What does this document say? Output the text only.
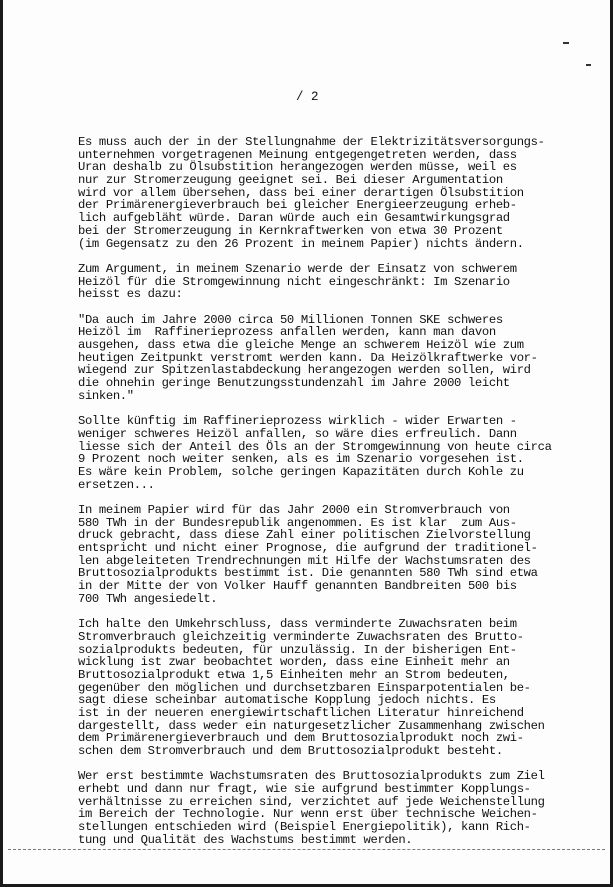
/ 2
Es muss auch der in der Stellungnahme der Elektrizitätsversorgungs-
unternehmen vorgetragenen Meinung entgegengetreten werden, dass
Uran deshalb zu Ölsubstition herangezogen werden müsse, weil es
nur zur Stromerzeugung geeignet sei. Bei dieser Argumentation
wird vor allem übersehen, dass bei einer derartigen Ölsubstition
der Primärenergieverbrauch bei gleicher Energieerzeugung erheb-
lich aufgebläht würde. Daran würde auch ein Gesamtwirkungsgrad
bei der Stromerzeugung in Kernkraftwerken von etwa 30 Prozent
(im Gegensatz zu den 26 Prozent in meinem Papier) nichts ändern.
Zum Argument, in meinem Szenario werde der Einsatz von schwerem
Heizöl für die Stromgewinnung nicht eingeschränkt: Im Szenario
heisst es dazu:
"Da auch im Jahre 2000 circa 50 Millionen Tonnen SKE schweres
Heizöl im  Raffinerieprozess anfallen werden, kann man davon
ausgehen, dass etwa die gleiche Menge an schwerem Heizöl wie zum
heutigen Zeitpunkt verstromt werden kann. Da Heizölkraftwerke vor-
wiegend zur Spitzenlastabdeckung herangezogen werden sollen, wird
die ohnehin geringe Benutzungsstundenzahl im Jahre 2000 leicht
sinken."
Sollte künftig im Raffinerieprozess wirklich - wider Erwarten -
weniger schweres Heizöl anfallen, so wäre dies erfreulich. Dann
liesse sich der Anteil des Öls an der Stromgewinnung von heute circa
9 Prozent noch weiter senken, als es im Szenario vorgesehen ist.
Es wäre kein Problem, solche geringen Kapazitäten durch Kohle zu
ersetzen...
In meinem Papier wird für das Jahr 2000 ein Stromverbrauch von
580 TWh in der Bundesrepublik angenommen. Es ist klar  zum Aus-
druck gebracht, dass diese Zahl einer politischen Zielvorstellung
entspricht und nicht einer Prognose, die aufgrund der traditionel-
len abgeleiteten Trendrechnungen mit Hilfe der Wachstumsraten des
Bruttosozialprodukts bestimmt ist. Die genannten 580 TWh sind etwa
in der Mitte der von Volker Hauff genannten Bandbreiten 500 bis
700 TWh angesiedelt.
Ich halte den Umkehrschluss, dass verminderte Zuwachsraten beim
Stromverbrauch gleichzeitig verminderte Zuwachsraten des Brutto-
sozialprodukts bedeuten, für unzulässig. In der bisherigen Ent-
wicklung ist zwar beobachtet worden, dass eine Einheit mehr an
Bruttosozialprodukt etwa 1,5 Einheiten mehr an Strom bedeuten,
gegenüber den möglichen und durchsetzbaren Einsparpotentialen be-
sagt diese scheinbar automatische Kopplung jedoch nichts. Es
ist in der neueren energiewirtschaftlichen Literatur hinreichend
dargestellt, dass weder ein naturgesetzlicher Zusammenhang zwischen
dem Primärenergieverbrauch und dem Bruttosozialprodukt noch zwi-
schen dem Stromverbrauch und dem Bruttosozialprodukt besteht.
Wer erst bestimmte Wachstumsraten des Bruttosozialprodukts zum Ziel
erhebt und dann nur fragt, wie sie aufgrund bestimmter Kopplungs-
verhältnisse zu erreichen sind, verzichtet auf jede Weichenstellung
im Bereich der Technologie. Nur wenn erst über technische Weichen-
stellungen entschieden wird (Beispiel Energiepolitik), kann Rich-
tung und Qualität des Wachstums bestimmt werden.
